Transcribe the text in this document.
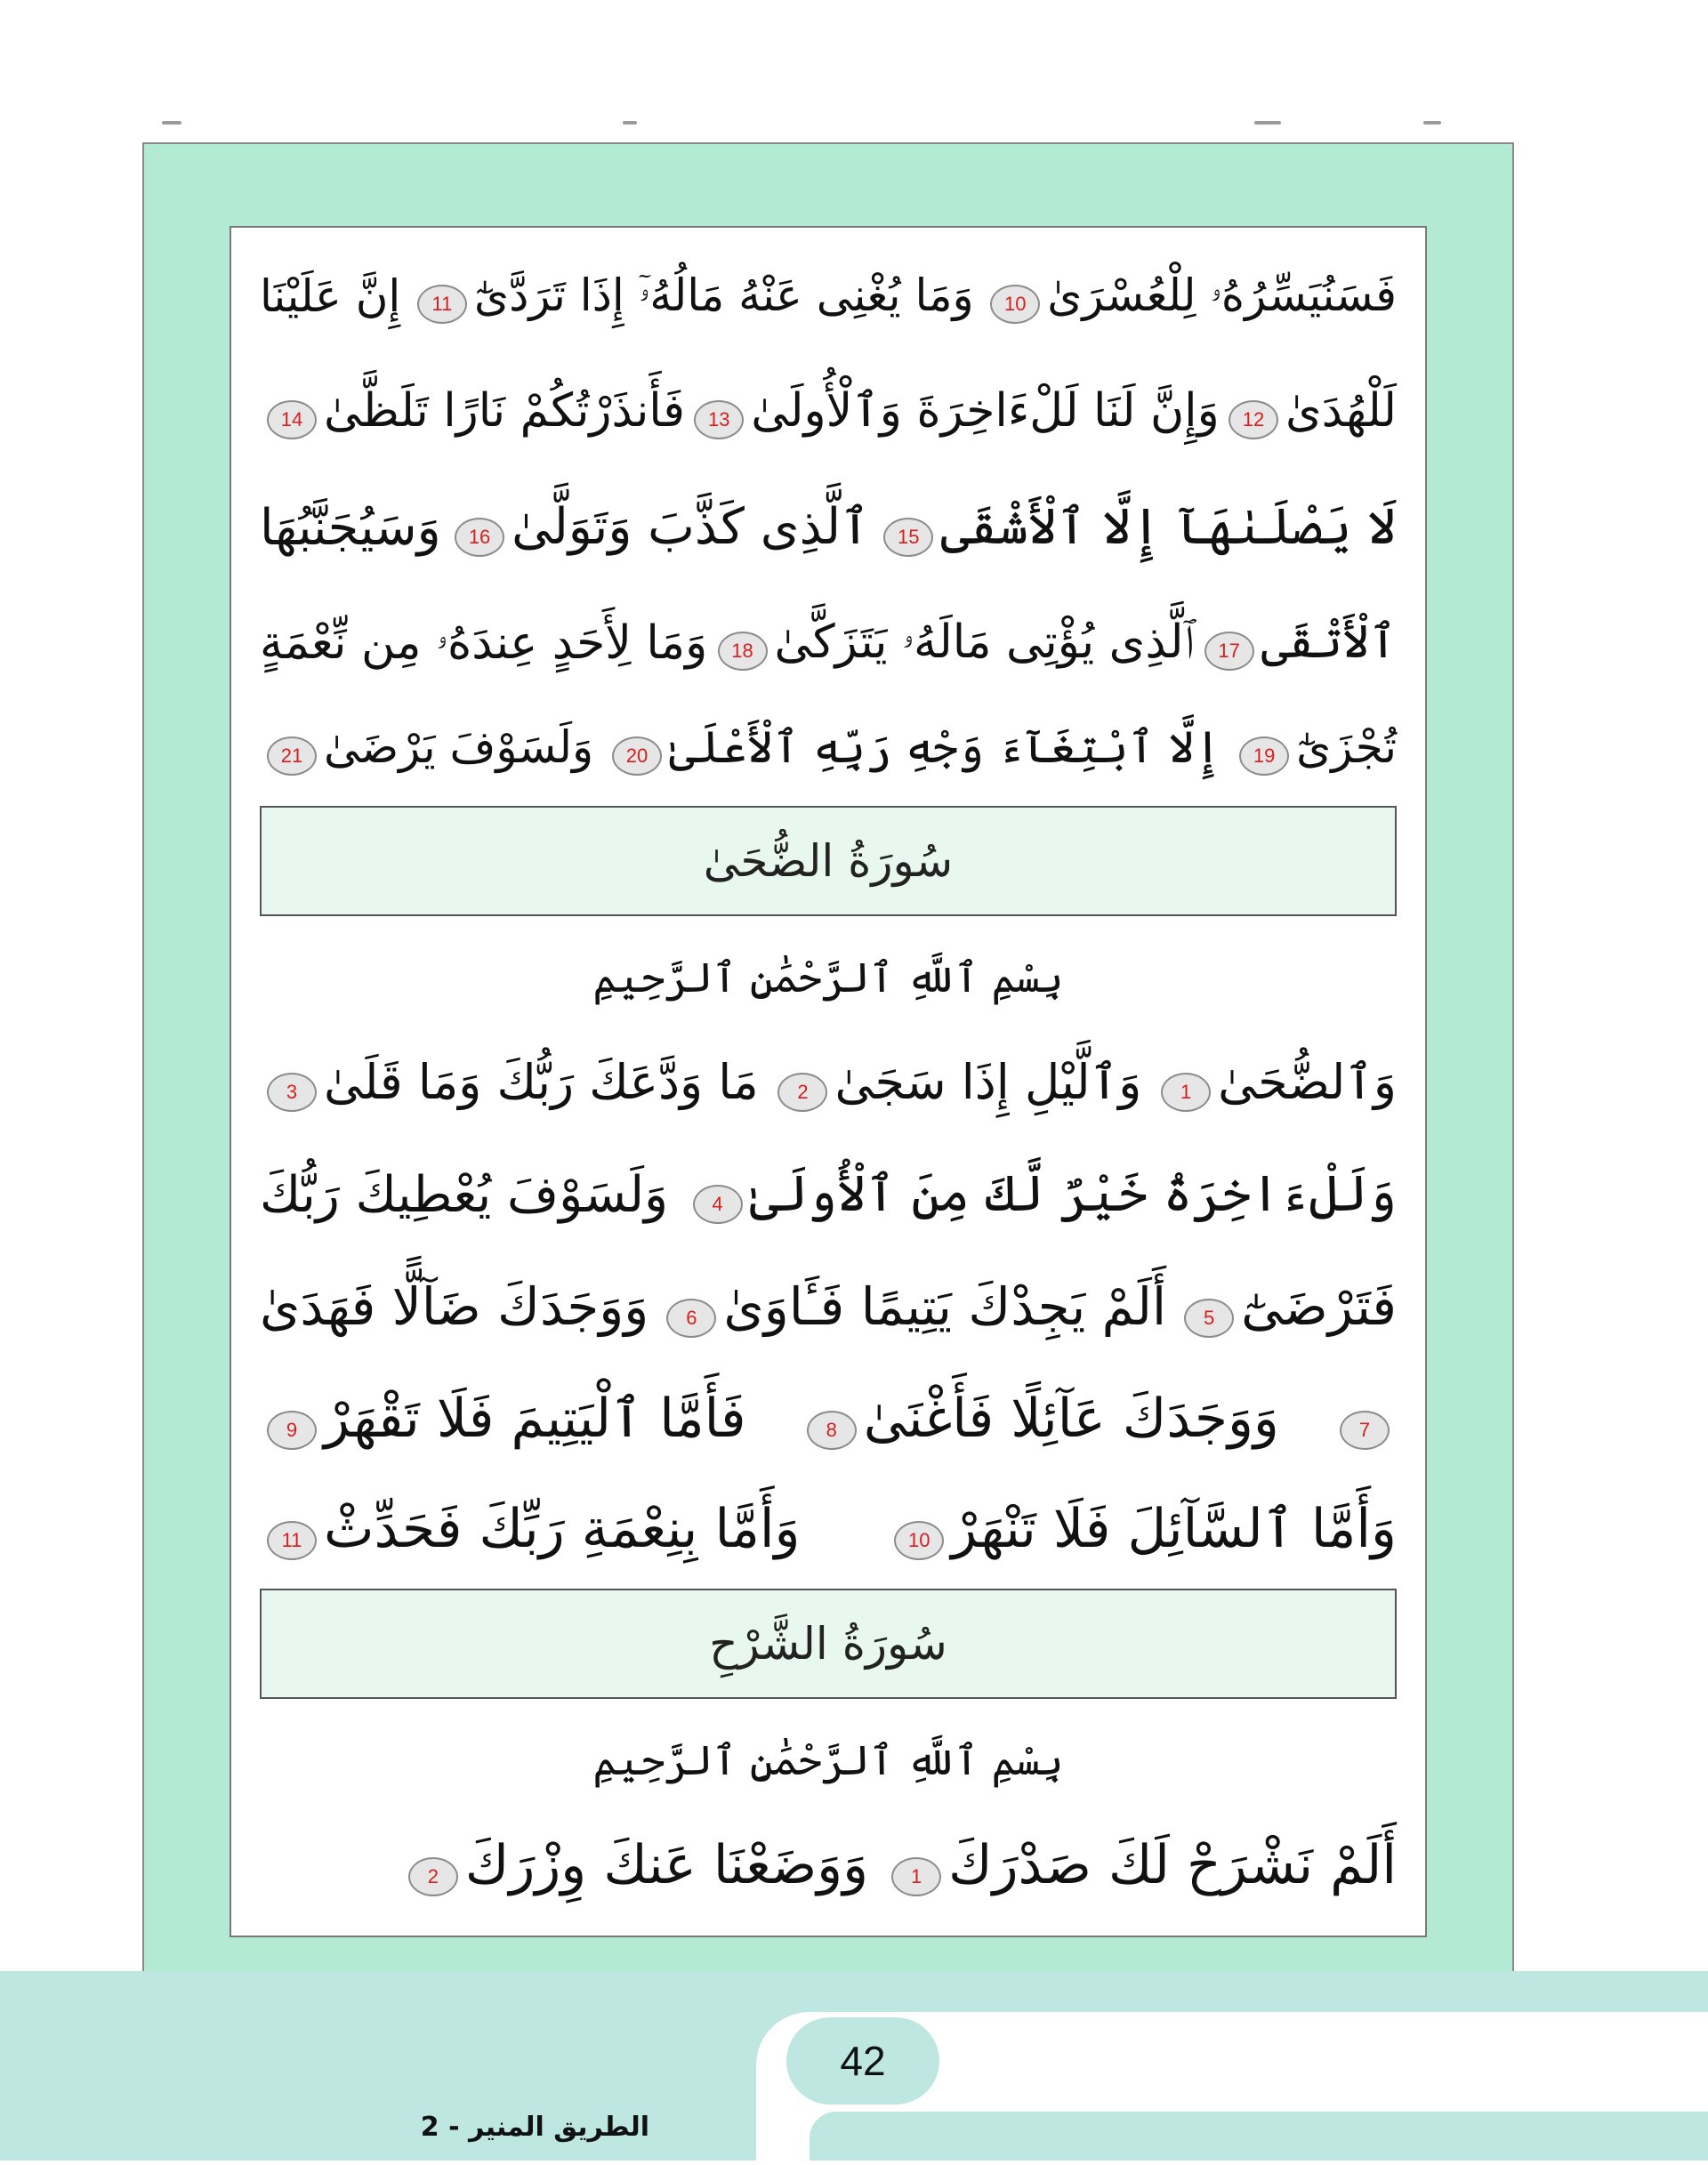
فَسَنُيَسِّرُهُۥ لِلْعُسْرَىٰ10
وَمَا يُغْنِى عَنْهُ مَالُهُۥٓ إِذَا تَرَدَّىٰٓ11
إِنَّ عَلَيْنَا
لَلْهُدَىٰ12
وَإِنَّ لَنَا لَلْءَاخِرَةَ وَٱلْأُولَىٰ13
فَأَنذَرْتُكُمْ نَارًا تَلَظَّىٰ14
لَا يَصْلَىٰهَآ إِلَّا ٱلْأَشْقَى15
ٱلَّذِى كَذَّبَ وَتَوَلَّىٰ16
وَسَيُجَنَّبُهَا
ٱلْأَتْقَى17
ٱلَّذِى يُؤْتِى مَالَهُۥ يَتَزَكَّىٰ18
وَمَا لِأَحَدٍ عِندَهُۥ مِن نِّعْمَةٍ
تُجْزَىٰٓ19
إِلَّا ٱبْتِغَآءَ وَجْهِ رَبِّهِ ٱلْأَعْلَىٰ20
وَلَسَوْفَ يَرْضَىٰ21
سُورَةُ الضُّحَىٰ
بِسْمِ ٱللَّهِ ٱلرَّحْمَٰنِ ٱلرَّحِيمِ
وَٱلضُّحَىٰ1
وَٱلَّيْلِ إِذَا سَجَىٰ2
مَا وَدَّعَكَ رَبُّكَ وَمَا قَلَىٰ3
وَلَلْءَاخِرَةُ خَيْرٌ لَّكَ مِنَ ٱلْأُولَىٰ4
وَلَسَوْفَ يُعْطِيكَ رَبُّكَ
فَتَرْضَىٰٓ5
أَلَمْ يَجِدْكَ يَتِيمًا فَـَٔاوَىٰ6
وَوَجَدَكَ ضَآلًّا فَهَدَىٰ
7
وَوَجَدَكَ عَآئِلًا فَأَغْنَىٰ8
فَأَمَّا ٱلْيَتِيمَ فَلَا تَقْهَرْ9
وَأَمَّا ٱلسَّآئِلَ فَلَا تَنْهَرْ10
وَأَمَّا بِنِعْمَةِ رَبِّكَ فَحَدِّثْ11
سُورَةُ الشَّرْحِ
بِسْمِ ٱللَّهِ ٱلرَّحْمَٰنِ ٱلرَّحِيمِ
أَلَمْ نَشْرَحْ لَكَ صَدْرَكَ1
وَوَضَعْنَا عَنكَ وِزْرَكَ2
42
الطريق المنير - 2
